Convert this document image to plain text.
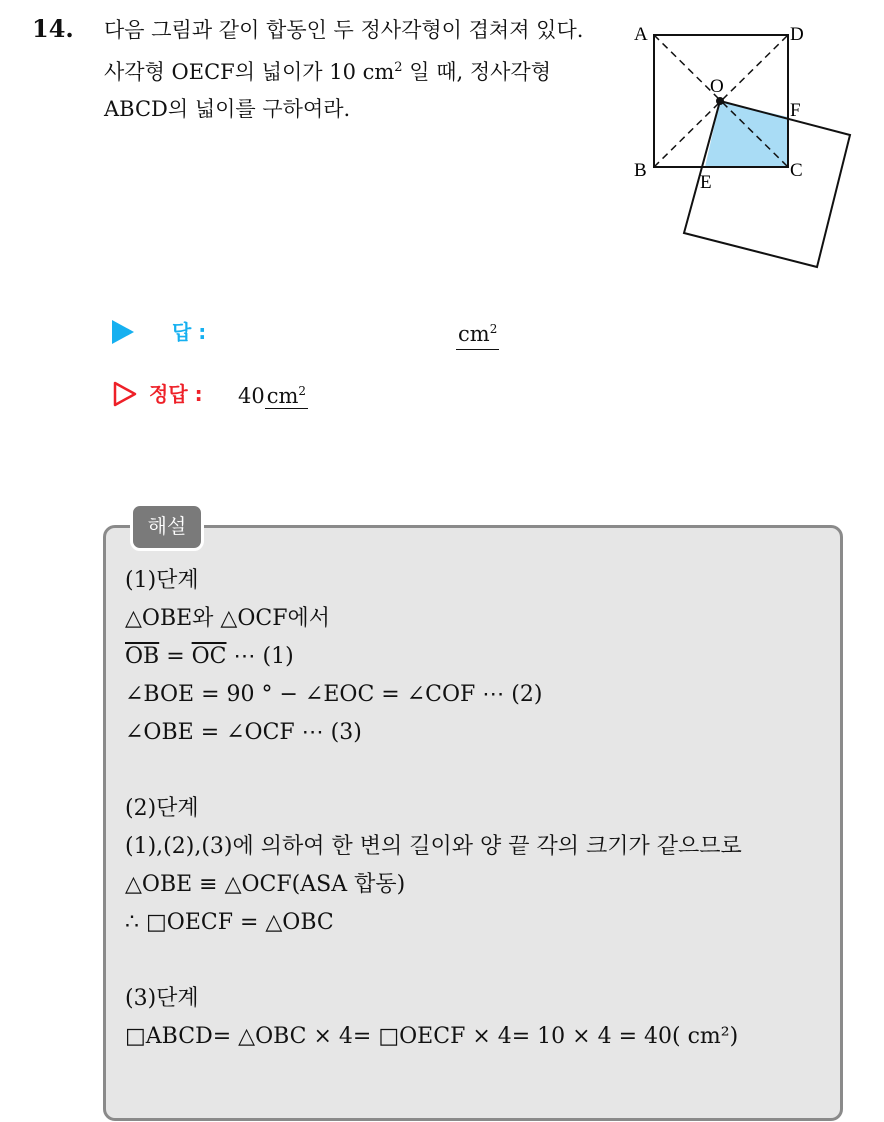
14. 다음 그림과 같이 합동인 두 정사각형이 겹쳐져 있다. 사각형 OECF의 넓이가 10 $cm^2$ 일 때, 정사각형 ABCD의 넓이를 구하여라.

A	D
O
F
B
E
C
답 :	$cm^2$
정답 : $40cm^2$
해설
(1)단계
△OBE와 △OCF에서
$\overline{OB} = \overline{OC}$ ⋯ (1)
∠BOE = 90 ° − ∠EOC = ∠COF ⋯ (2)
∠OBE = ∠OCF ⋯ (3)
(2)단계
(1),(2),(3)에 의하여 한 변의 길이와 양 끝 각의 크기가 같으므로
△OBE ≡ △OCF(ASA 합동)
∴ □OECF = △OBC
(3)단계
□ABCD= △OBC × 4= □OECF × 4= 10 × 4 = 40( cm²)
